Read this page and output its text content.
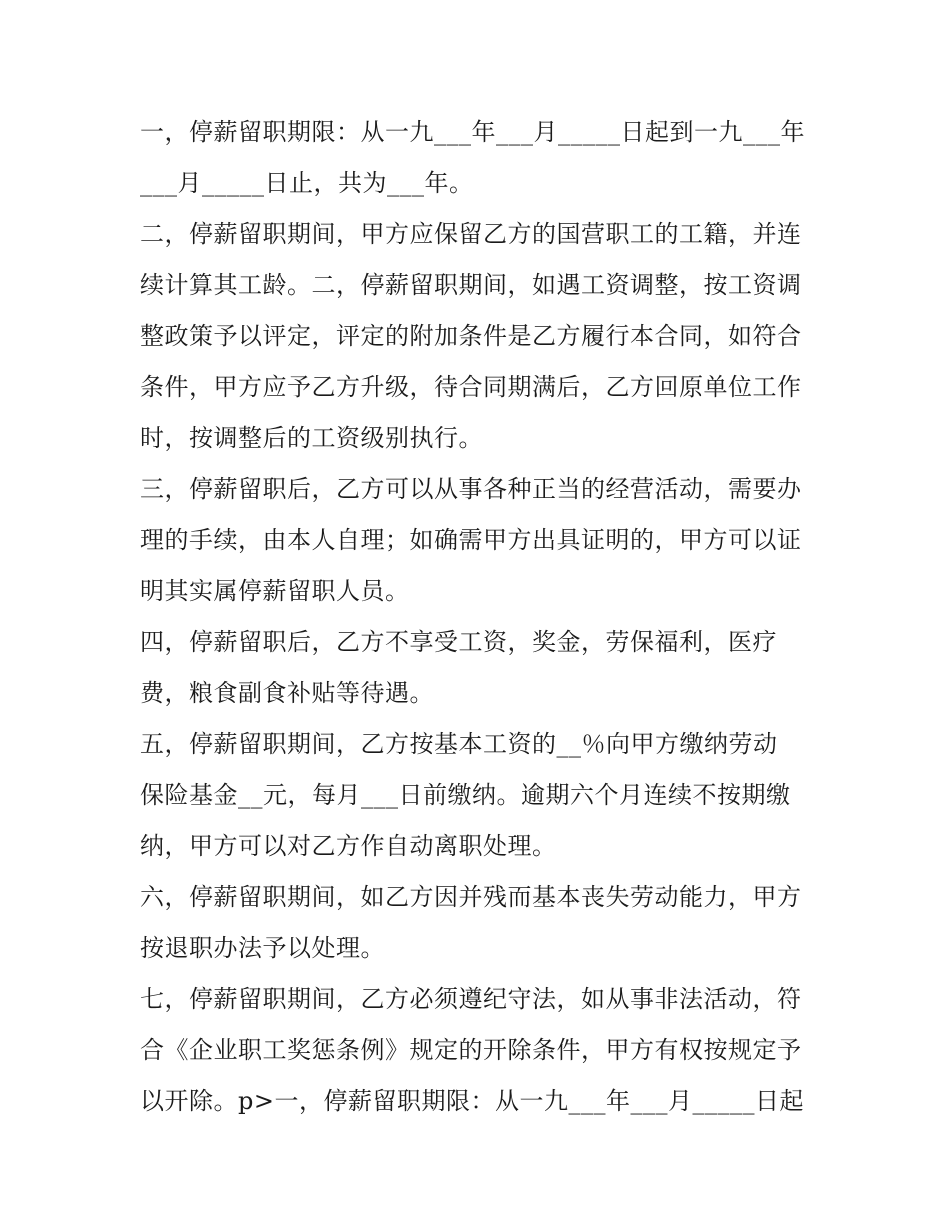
一，停薪留职期限：从一九___年___月_____日起到一九___年
___月_____日止，共为___年。
二，停薪留职期间，甲方应保留乙方的国营职工的工籍，并连
续计算其工龄。二，停薪留职期间，如遇工资调整，按工资调
整政策予以评定，评定的附加条件是乙方履行本合同，如符合
条件，甲方应予乙方升级，待合同期满后，乙方回原单位工作
时，按调整后的工资级别执行。
三，停薪留职后，乙方可以从事各种正当的经营活动，需要办
理的手续，由本人自理；如确需甲方出具证明的，甲方可以证
明其实属停薪留职人员。
四，停薪留职后，乙方不享受工资，奖金，劳保福利，医疗
费，粮食副食补贴等待遇。
五，停薪留职期间，乙方按基本工资的__％向甲方缴纳劳动
保险基金__元，每月___日前缴纳。逾期六个月连续不按期缴
纳，甲方可以对乙方作自动离职处理。
六，停薪留职期间，如乙方因并残而基本丧失劳动能力，甲方
按退职办法予以处理。
七，停薪留职期间，乙方必须遵纪守法，如从事非法活动，符
合《企业职工奖惩条例》规定的开除条件，甲方有权按规定予
以开除。p>一，停薪留职期限：从一九___年___月_____日起
